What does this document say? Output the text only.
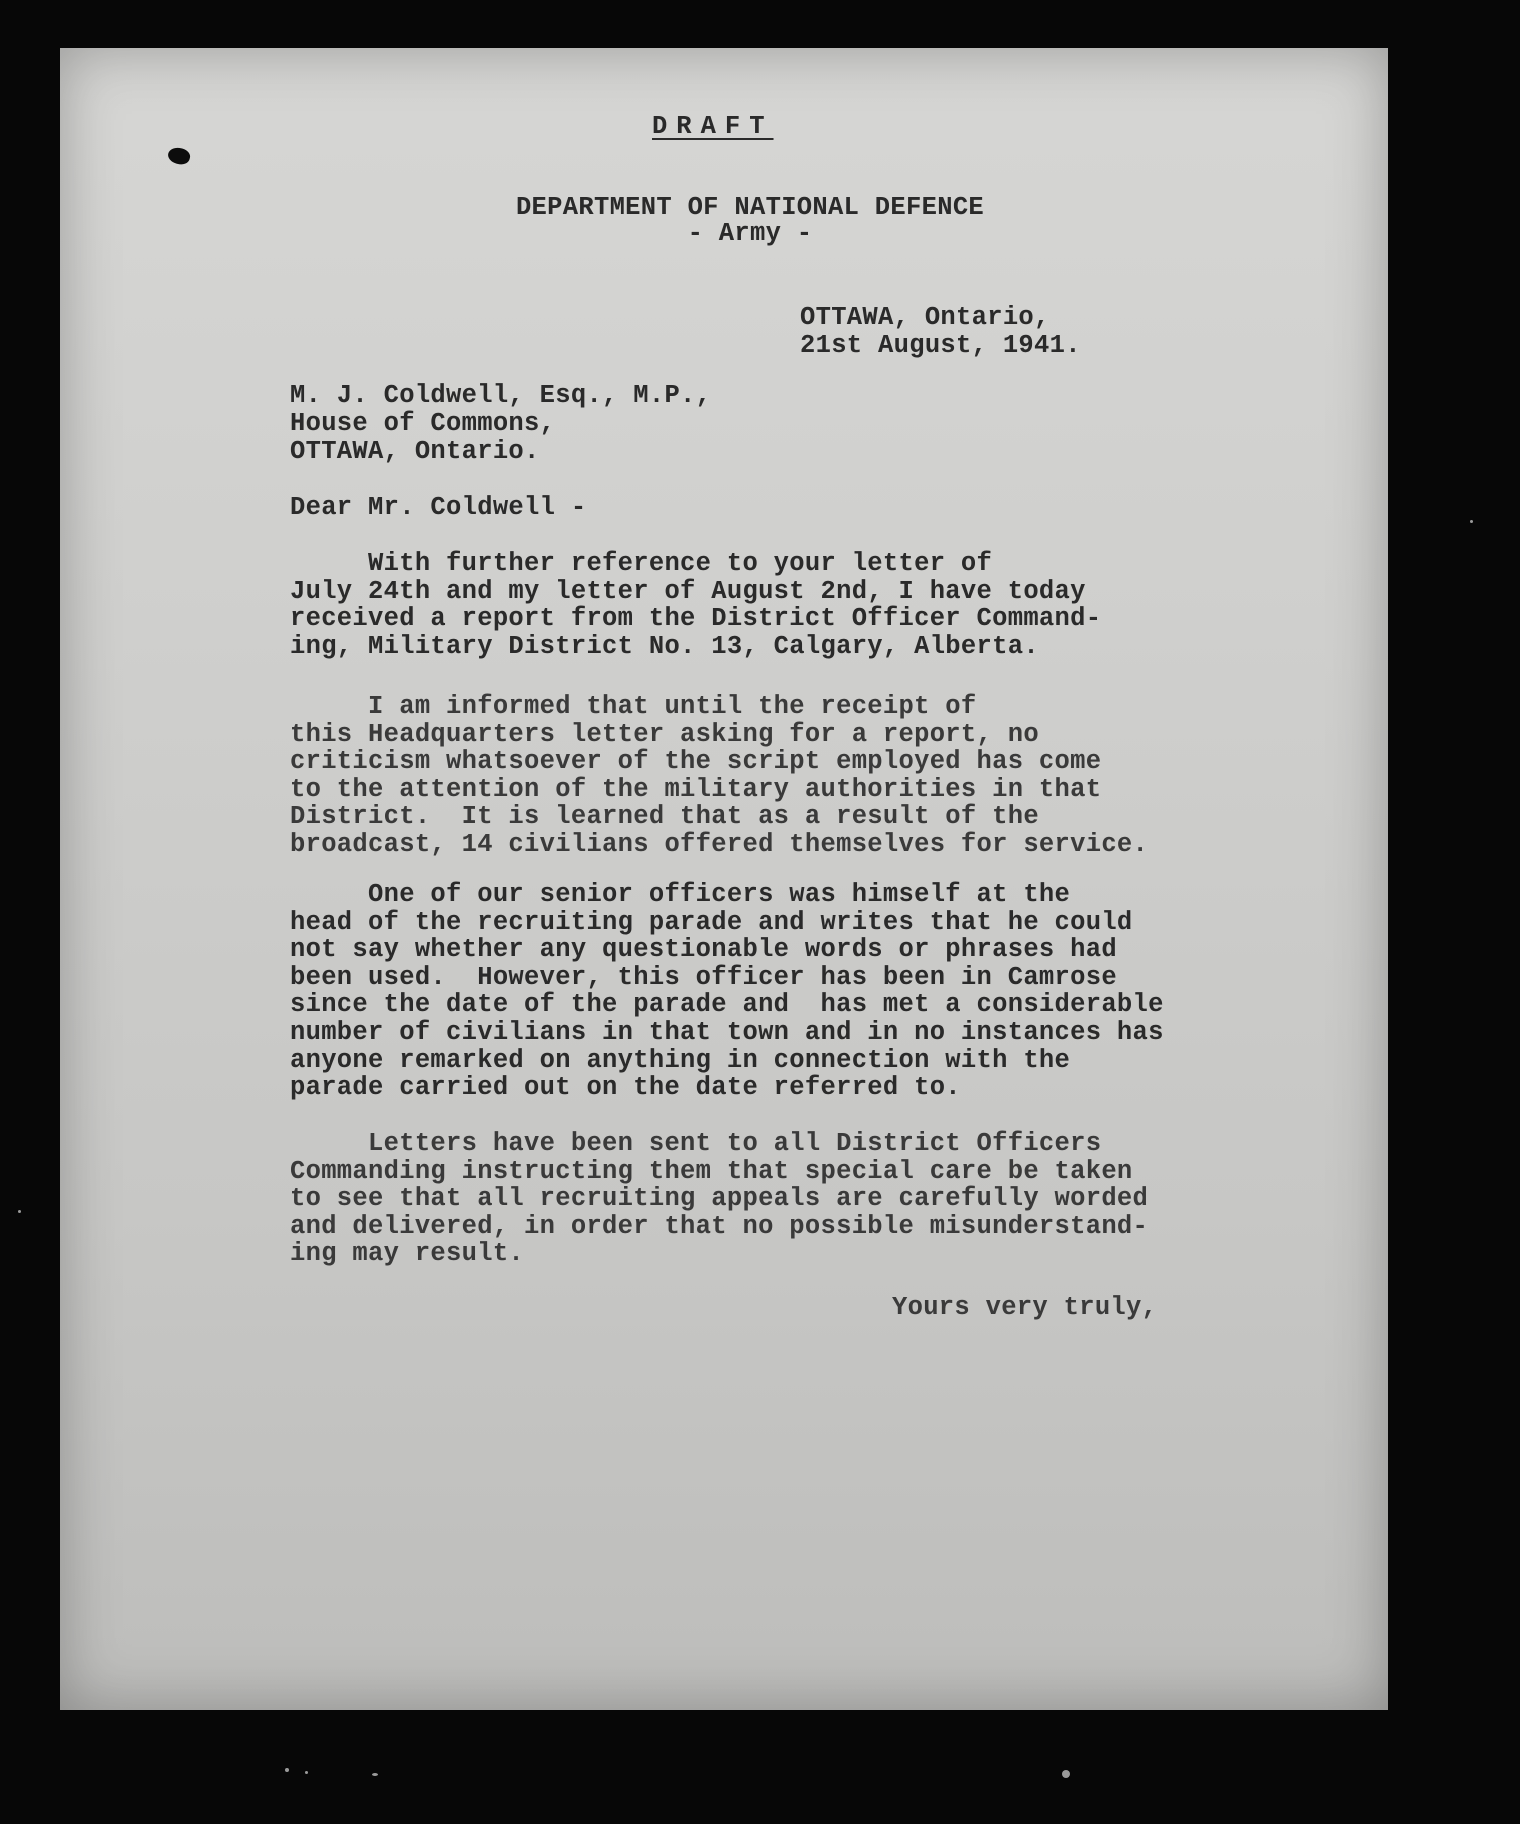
DRAFT
DEPARTMENT OF NATIONAL DEFENCE
- Army -
OTTAWA, Ontario,
21st August, 1941.
M. J. Coldwell, Esq., M.P.,
House of Commons,
OTTAWA, Ontario.
Dear Mr. Coldwell -
With further reference to your letter of
July 24th and my letter of August 2nd, I have today
received a report from the District Officer Command-
ing, Military District No. 13, Calgary, Alberta.
I am informed that until the receipt of
this Headquarters letter asking for a report, no
criticism whatsoever of the script employed has come
to the attention of the military authorities in that
District.  It is learned that as a result of the
broadcast, 14 civilians offered themselves for service.
One of our senior officers was himself at the
head of the recruiting parade and writes that he could
not say whether any questionable words or phrases had
been used.  However, this officer has been in Camrose
since the date of the parade and  has met a considerable
number of civilians in that town and in no instances has
anyone remarked on anything in connection with the
parade carried out on the date referred to.
Letters have been sent to all District Officers
Commanding instructing them that special care be taken
to see that all recruiting appeals are carefully worded
and delivered, in order that no possible misunderstand-
ing may result.
Yours very truly,
